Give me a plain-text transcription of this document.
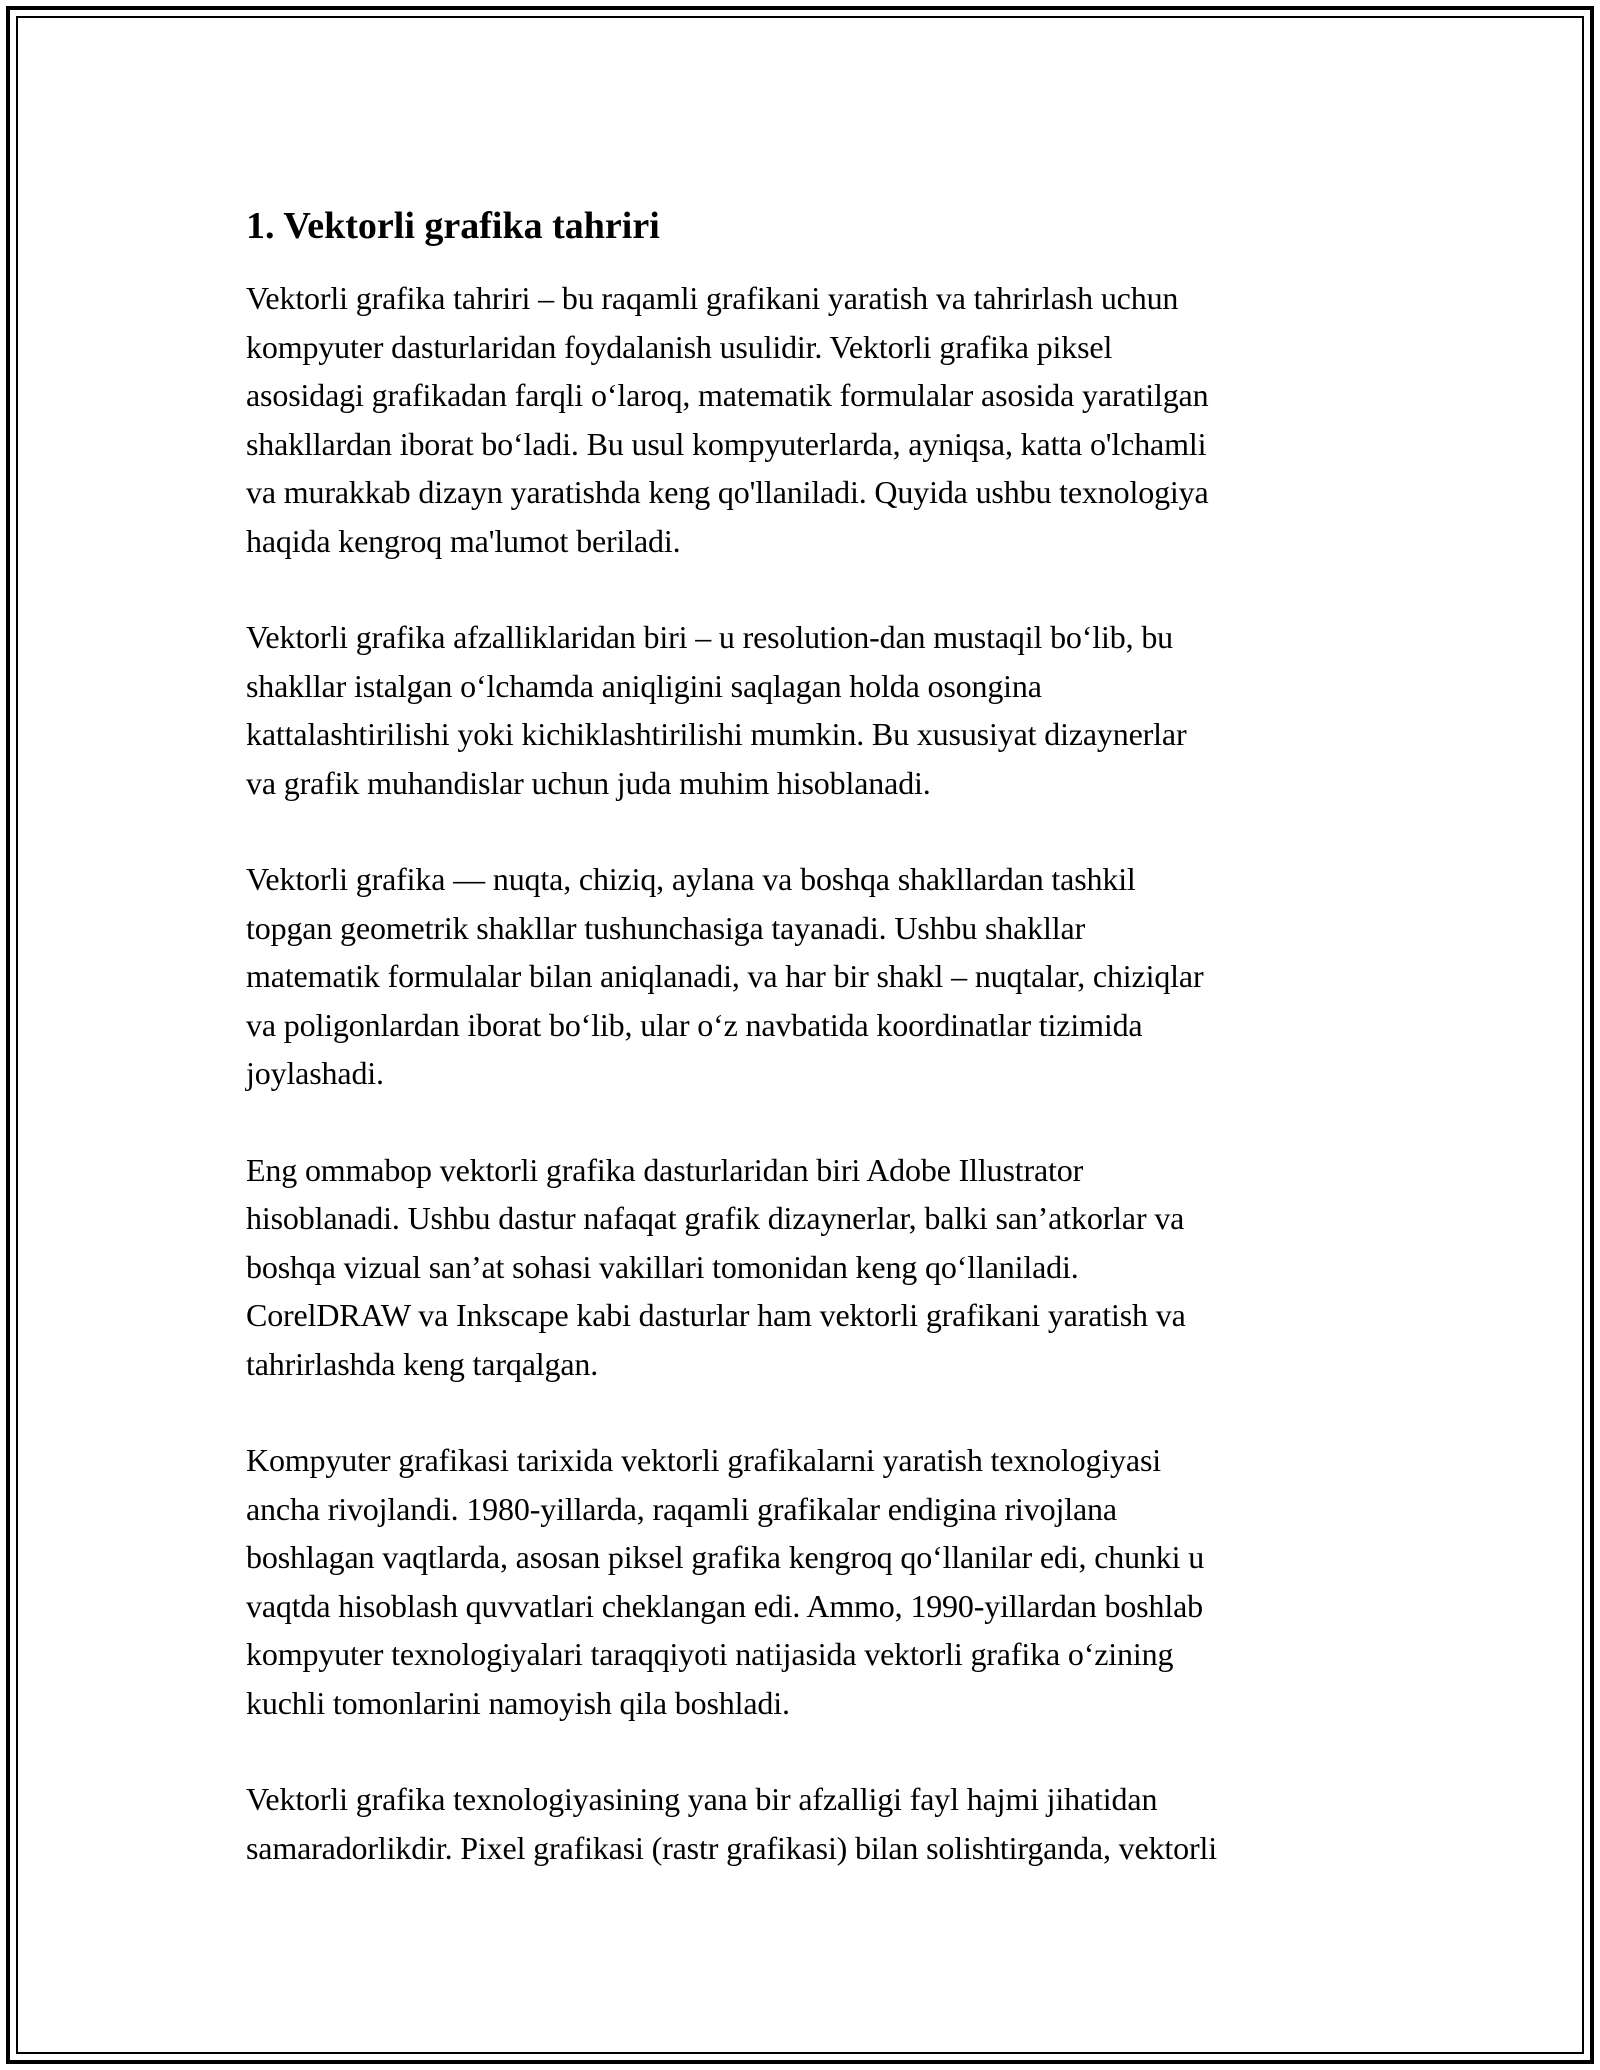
1. Vektorli grafika tahriri

Vektorli grafika tahriri – bu raqamli grafikani yaratish va tahrirlash uchun
kompyuter dasturlaridan foydalanish usulidir. Vektorli grafika piksel
asosidagi grafikadan farqli o‘laroq, matematik formulalar asosida yaratilgan
shakllardan iborat bo‘ladi. Bu usul kompyuterlarda, ayniqsa, katta o'lchamli
va murakkab dizayn yaratishda keng qo'llaniladi. Quyida ushbu texnologiya
haqida kengroq ma'lumot beriladi.

Vektorli grafika afzalliklaridan biri – u resolution-dan mustaqil bo‘lib, bu
shakllar istalgan o‘lchamda aniqligini saqlagan holda osongina
kattalashtirilishi yoki kichiklashtirilishi mumkin. Bu xususiyat dizaynerlar
va grafik muhandislar uchun juda muhim hisoblanadi.

Vektorli grafika — nuqta, chiziq, aylana va boshqa shakllardan tashkil
topgan geometrik shakllar tushunchasiga tayanadi. Ushbu shakllar
matematik formulalar bilan aniqlanadi, va har bir shakl – nuqtalar, chiziqlar
va poligonlardan iborat bo‘lib, ular o‘z navbatida koordinatlar tizimida
joylashadi.

Eng ommabop vektorli grafika dasturlaridan biri Adobe Illustrator
hisoblanadi. Ushbu dastur nafaqat grafik dizaynerlar, balki san’atkorlar va
boshqa vizual san’at sohasi vakillari tomonidan keng qo‘llaniladi.
CorelDRAW va Inkscape kabi dasturlar ham vektorli grafikani yaratish va
tahrirlashda keng tarqalgan.

Kompyuter grafikasi tarixida vektorli grafikalarni yaratish texnologiyasi
ancha rivojlandi. 1980-yillarda, raqamli grafikalar endigina rivojlana
boshlagan vaqtlarda, asosan piksel grafika kengroq qo‘llanilar edi, chunki u
vaqtda hisoblash quvvatlari cheklangan edi. Ammo, 1990-yillardan boshlab
kompyuter texnologiyalari taraqqiyoti natijasida vektorli grafika o‘zining
kuchli tomonlarini namoyish qila boshladi.

Vektorli grafika texnologiyasining yana bir afzalligi fayl hajmi jihatidan
samaradorlikdir. Pixel grafikasi (rastr grafikasi) bilan solishtirganda, vektorli
